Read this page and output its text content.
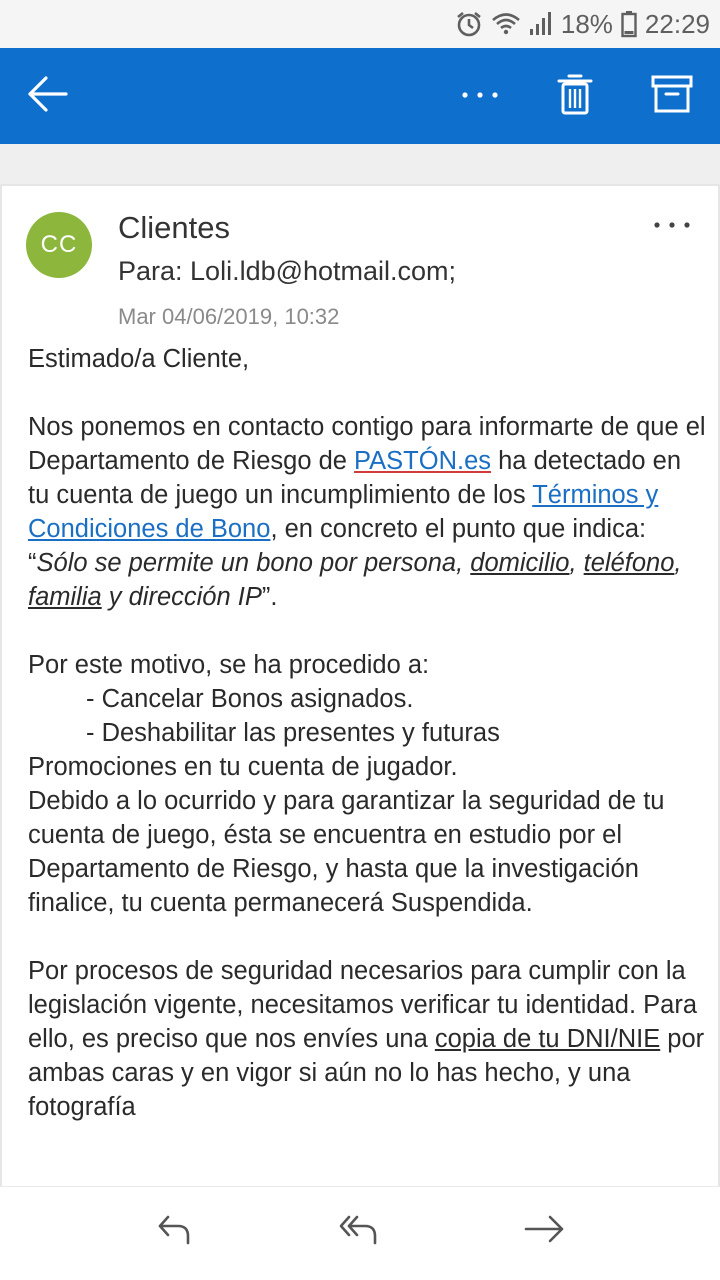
18% 22:29
CC	Clientes
Para: Loli.ldb@hotmail.com;
Mar 04/06/2019, 10:32

Estimado/a Cliente,

Nos ponemos en contacto contigo para informarte de que el Departamento de Riesgo de PASTÓN.es ha detectado en tu cuenta de juego un incumplimiento de los Términos y Condiciones de Bono, en concreto el punto que indica: “Sólo se permite un bono por persona, domicilio, teléfono, familia y dirección IP”.

Por este motivo, se ha procedido a:

- Cancelar Bonos asignados.

- Deshabilitar las presentes y futuras

Promociones en tu cuenta de jugador.

Debido a lo ocurrido y para garantizar la seguridad de tu cuenta de juego, ésta se encuentra en estudio por el Departamento de Riesgo, y hasta que la investigación finalice, tu cuenta permanecerá Suspendida.

Por procesos de seguridad necesarios para cumplir con la legislación vigente, necesitamos verificar tu identidad. Para ello, es preciso que nos envíes una copia de tu DNI/NIE por ambas caras y en vigor si aún no lo has hecho, y una fotografía
